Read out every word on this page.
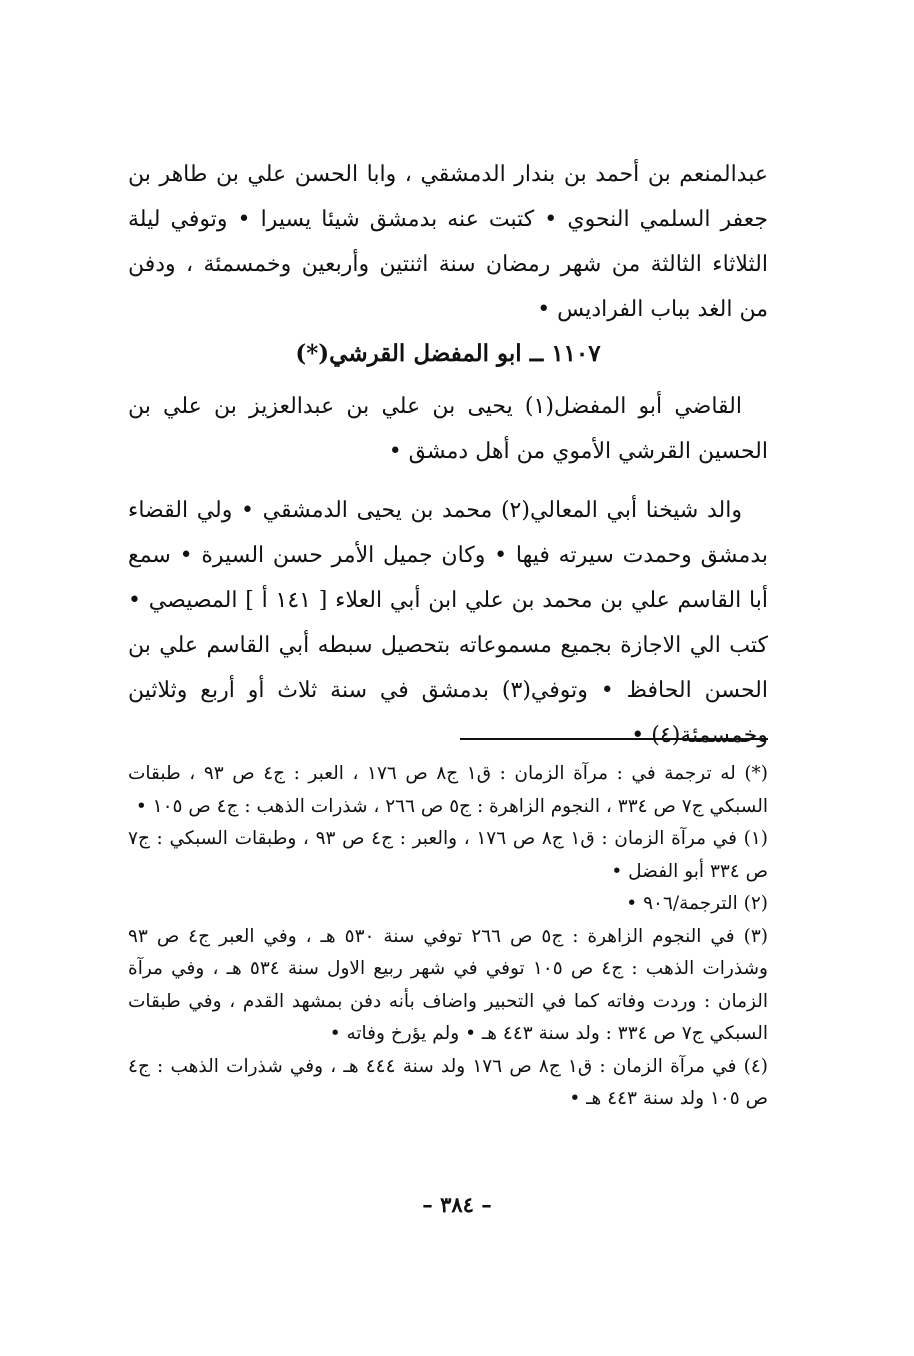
عبدالمنعم بن أحمد بن بندار الدمشقي ، وابا الحسن علي بن طاهر بن جعفر السلمي النحوي • كتبت عنه بدمشق شيئا يسيرا • وتوفي ليلة الثلاثاء الثالثة من شهر رمضان سنة اثنتين وأربعين وخمسمئة ، ودفن من الغد بباب الفراديس •

١١٠٧ ــ ابو المفضل القرشي(*)

القاضي أبو المفضل(١) يحيى بن علي بن عبدالعزيز بن علي بن الحسين القرشي الأموي من أهل دمشق •

والد شيخنا أبي المعالي(٢) محمد بن يحيى الدمشقي • ولي القضاء بدمشق وحمدت سيرته فيها • وكان جميل الأمر حسن السيرة • سمع أبا القاسم علي بن محمد بن علي ابن أبي العلاء [ ١٤١ أ ] المصيصي • كتب الي الاجازة بجميع مسموعاته بتحصيل سبطه أبي القاسم علي بن الحسن الحافظ • وتوفي(٣) بدمشق في سنة ثلاث أو أربع وثلاثين وخمسمئة(٤) •

(*) له ترجمة في : مرآة الزمان : ق١ ج٨ ص ١٧٦ ، العبر : ج٤ ص ٩٣ ، طبقات السبكي ج٧ ص ٣٣٤ ، النجوم الزاهرة : ج٥ ص ٢٦٦ ، شذرات الذهب : ج٤ ص ١٠٥ •

(١) في مرآة الزمان : ق١ ج٨ ص ١٧٦ ، والعبر : ج٤ ص ٩٣ ، وطبقات السبكي : ج٧ ص ٣٣٤ أبو الفضل •

(٢) الترجمة/٩٠٦ •

(٣) في النجوم الزاهرة : ج٥ ص ٢٦٦ توفي سنة ٥٣٠ هـ ، وفي العبر ج٤ ص ٩٣ وشذرات الذهب : ج٤ ص ١٠٥ توفي في شهر ربيع الاول سنة ٥٣٤ هـ ، وفي مرآة الزمان : وردت وفاته كما في التحبير واضاف بأنه دفن بمشهد القدم ، وفي طبقات السبكي ج٧ ص ٣٣٤ : ولد سنة ٤٤٣ هـ • ولم يؤرخ وفاته •

(٤) في مرآة الزمان : ق١ ج٨ ص ١٧٦ ولد سنة ٤٤٤ هـ ، وفي شذرات الذهب : ج٤ ص ١٠٥ ولد سنة ٤٤٣ هـ •

– ٣٨٤ –
